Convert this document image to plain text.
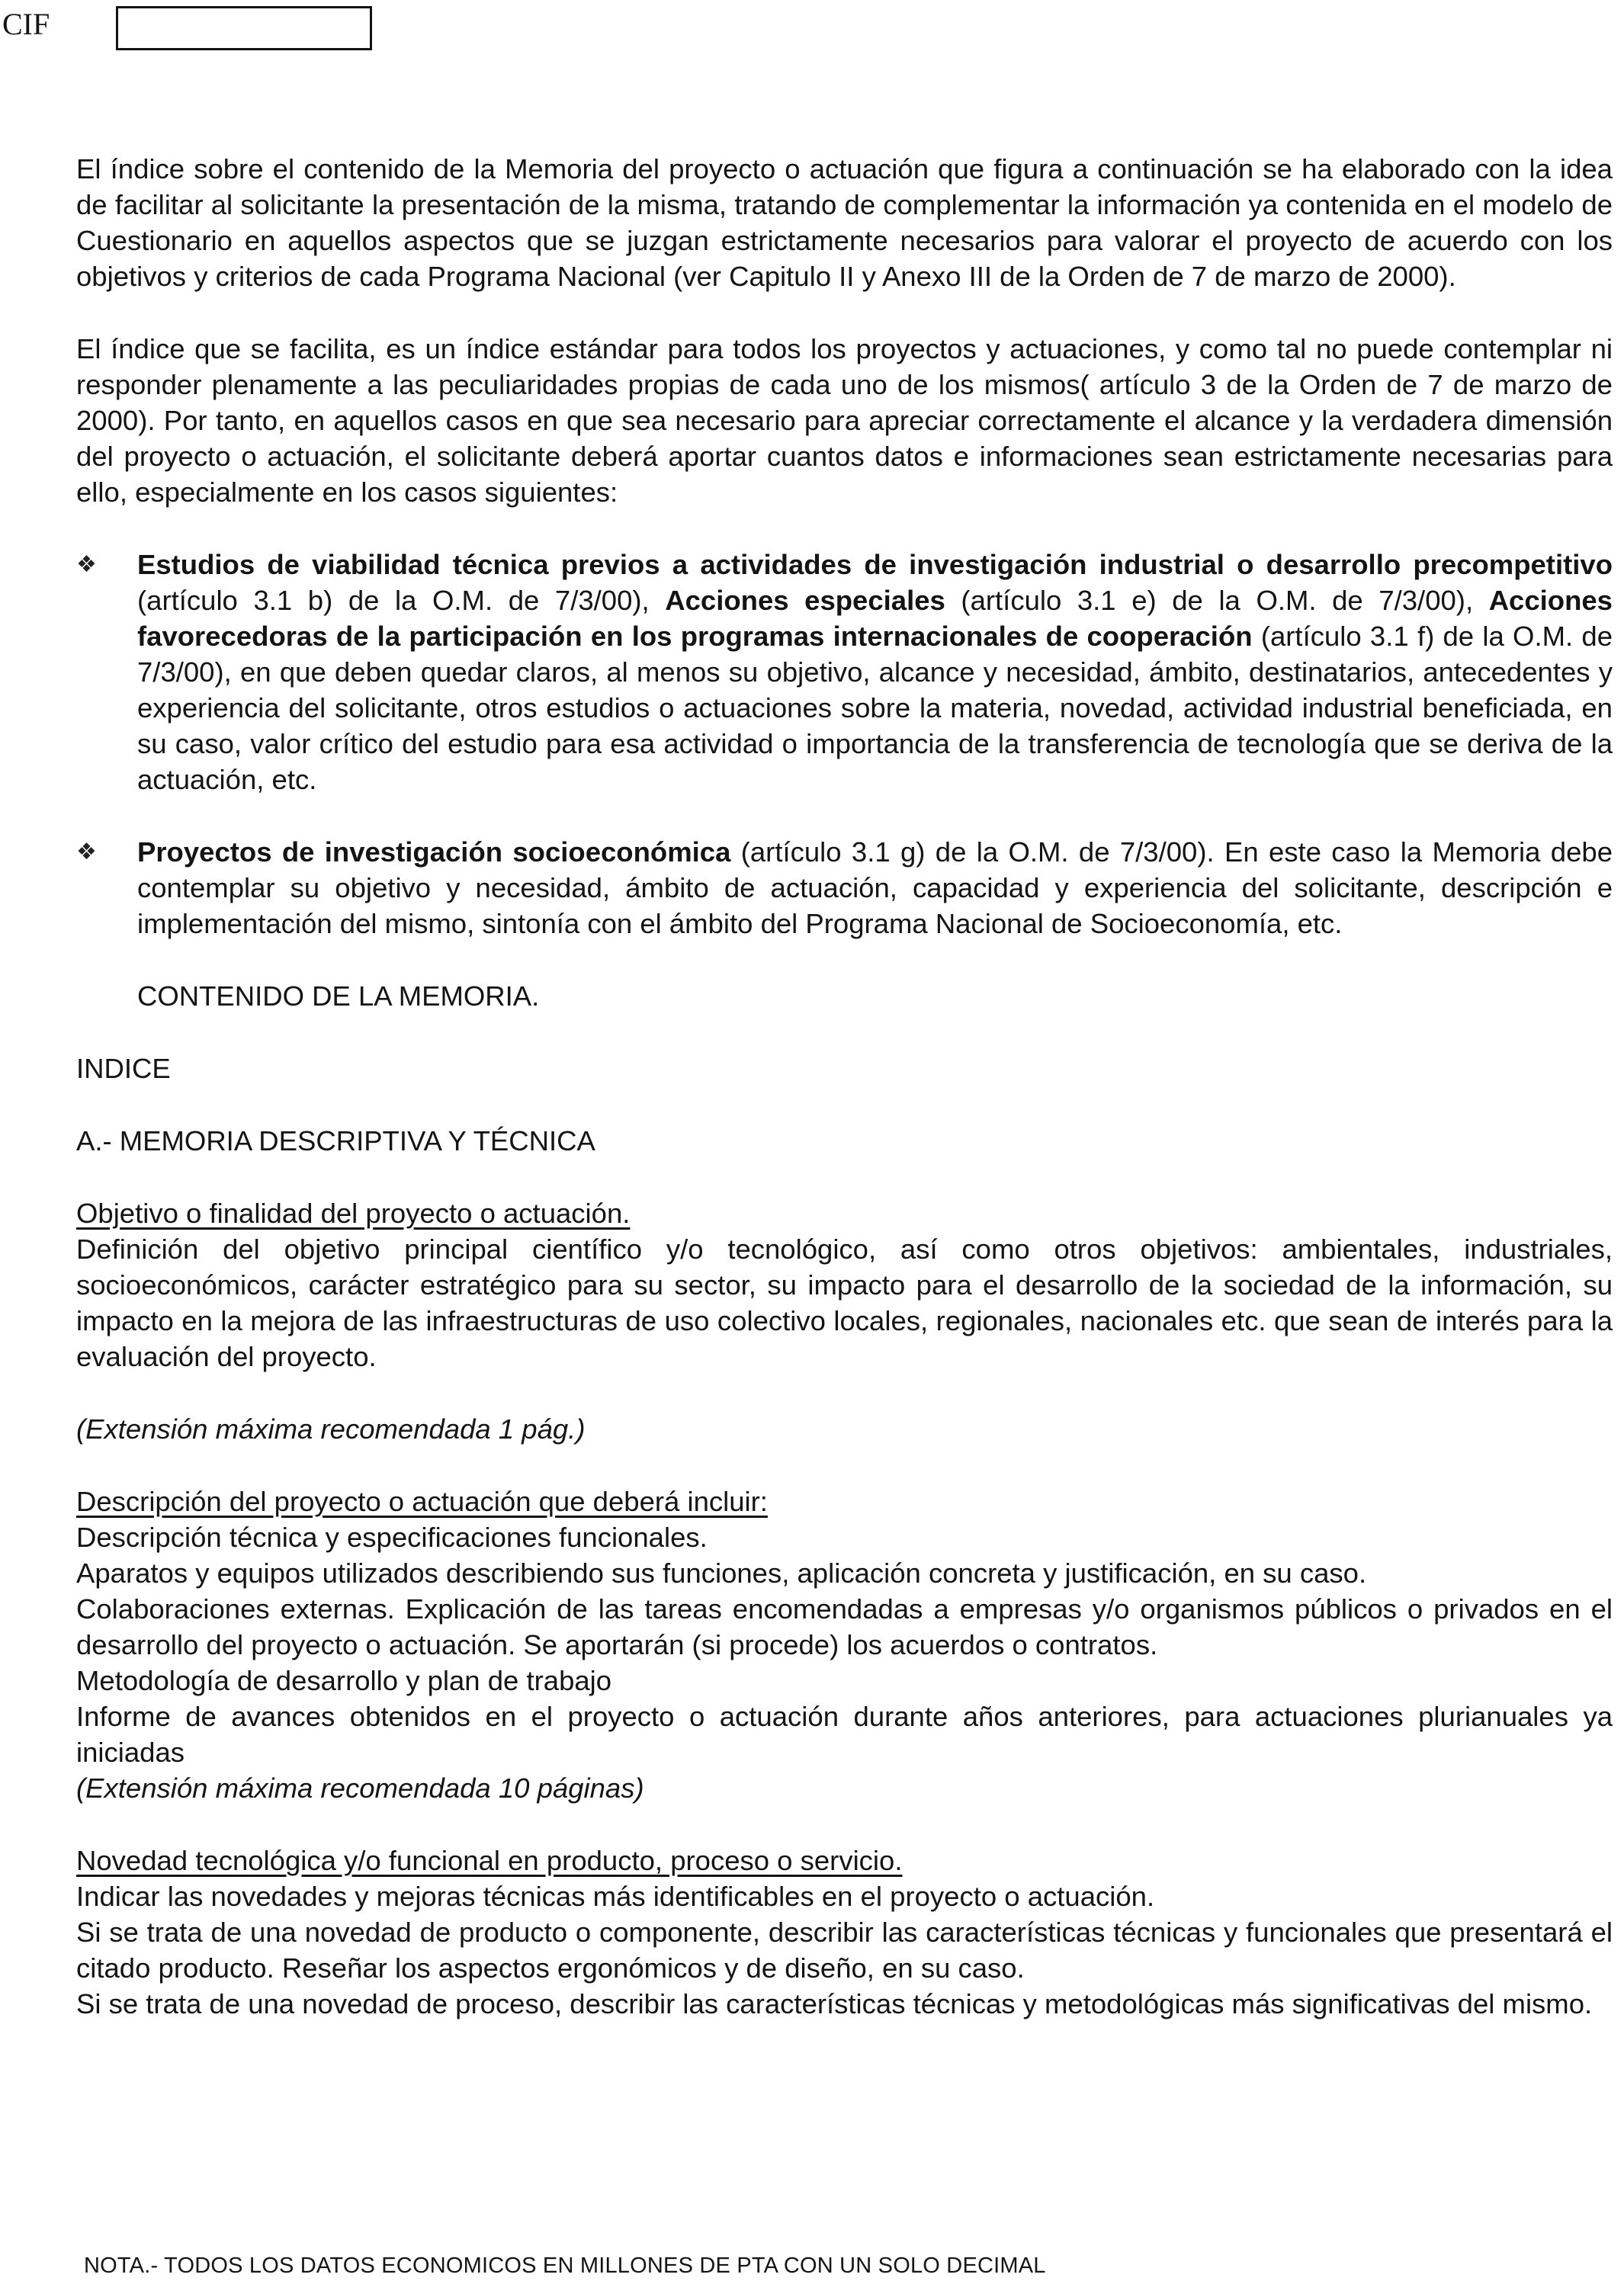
CIF

El índice sobre el contenido de la Memoria del proyecto o actuación que figura a continuación se ha elaborado con la idea de facilitar al solicitante la presentación de la misma, tratando de complementar la información ya contenida en el modelo de Cuestionario en aquellos aspectos que se juzgan estrictamente necesarios para valorar el proyecto de acuerdo con los objetivos y criterios de cada Programa Nacional (ver Capitulo II y Anexo III de la Orden de 7 de marzo de 2000).

El índice que se facilita, es un índice estándar para todos los proyectos y actuaciones, y como tal no puede contemplar ni responder plenamente a las peculiaridades propias de cada uno de los mismos( artículo 3 de la Orden de 7 de marzo de 2000). Por tanto, en aquellos casos en que sea necesario para apreciar correctamente el alcance y la verdadera dimensión del proyecto o actuación, el solicitante deberá aportar cuantos datos e informaciones sean estrictamente necesarias para ello, especialmente en los casos siguientes:

❖ Estudios de viabilidad técnica previos a actividades de investigación industrial o desarrollo precompetitivo (artículo 3.1 b) de la O.M. de 7/3/00), Acciones especiales (artículo 3.1 e) de la O.M. de 7/3/00), Acciones favorecedoras de la participación en los programas internacionales de cooperación (artículo 3.1 f) de la O.M. de 7/3/00), en que deben quedar claros, al menos su objetivo, alcance y necesidad, ámbito, destinatarios, antecedentes y experiencia del solicitante, otros estudios o actuaciones sobre la materia, novedad, actividad industrial beneficiada, en su caso, valor crítico del estudio para esa actividad o importancia de la transferencia de tecnología que se deriva de la actuación, etc.

❖ Proyectos de investigación socioeconómica (artículo 3.1 g) de la O.M. de 7/3/00). En este caso la Memoria debe contemplar su objetivo y necesidad, ámbito de actuación, capacidad y experiencia del solicitante, descripción e implementación del mismo, sintonía con el ámbito del Programa Nacional de Socioeconomía, etc.

CONTENIDO DE LA MEMORIA.

INDICE

A.- MEMORIA DESCRIPTIVA Y TÉCNICA

Objetivo o finalidad del proyecto o actuación.

Definición del objetivo principal científico y/o tecnológico, así como otros objetivos: ambientales, industriales, socioeconómicos, carácter estratégico para su sector, su impacto para el desarrollo de la sociedad de la información, su impacto en la mejora de las infraestructuras de uso colectivo locales, regionales, nacionales etc. que sean de interés para la evaluación del proyecto.

(Extensión máxima recomendada 1 pág.)

Descripción del proyecto o actuación que deberá incluir:

Descripción técnica y especificaciones funcionales.

Aparatos y equipos utilizados describiendo sus funciones, aplicación concreta y justificación, en su caso.

Colaboraciones externas. Explicación de las tareas encomendadas a empresas y/o organismos públicos o privados en el desarrollo del proyecto o actuación. Se aportarán (si procede) los acuerdos o contratos.

Metodología de desarrollo y plan de trabajo

Informe de avances obtenidos en el proyecto o actuación durante años anteriores, para actuaciones plurianuales ya iniciadas

(Extensión máxima recomendada 10 páginas)

Novedad tecnológica y/o funcional en producto, proceso o servicio.

Indicar las novedades y mejoras técnicas más identificables en el proyecto o actuación.

Si se trata de una novedad de producto o componente, describir las características técnicas y funcionales que presentará el citado producto. Reseñar los aspectos ergonómicos y de diseño, en su caso.

Si se trata de una novedad de proceso, describir las características técnicas y metodológicas más significativas del mismo.

NOTA.- TODOS LOS DATOS ECONOMICOS EN MILLONES DE PTA CON UN SOLO DECIMAL
